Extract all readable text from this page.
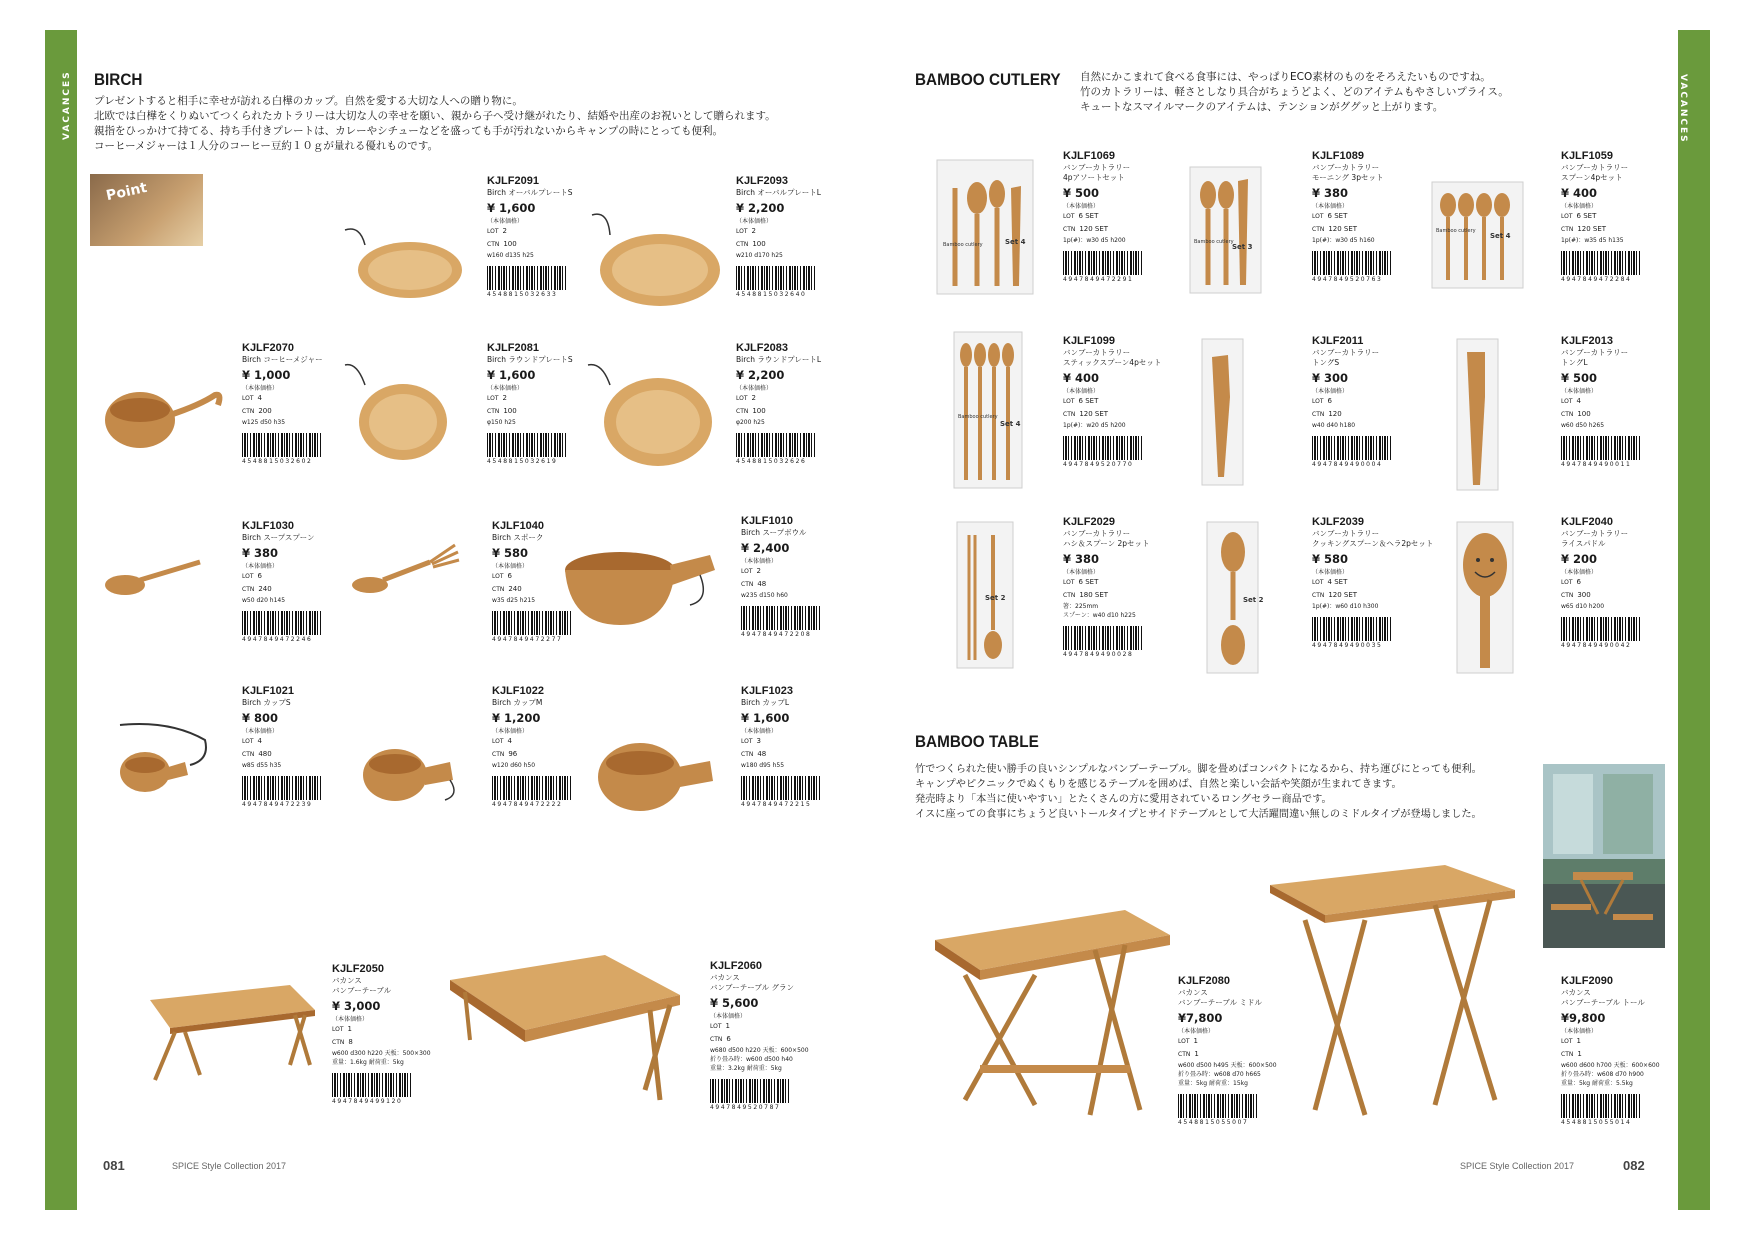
VACANCES	VACANCES
BIRCH
プレゼントすると相手に幸せが訪れる白樺のカップ。自然を愛する大切な人への贈り物に。
北欧では白樺をくりぬいてつくられたカトラリーは大切な人の幸せを願い、親から子へ受け継がれたり、結婚や出産のお祝いとして贈られます。
親指をひっかけて持てる、持ち手付きプレートは、カレーやシチューなどを盛っても手が汚れないからキャンプの時にとっても便利。
コーヒーメジャーは１人分のコーヒー豆約１０ｇが量れる優れものです。
Point
BAMBOO CUTLERY 自然にかこまれて食べる食事には、やっぱりECO素材のものをそろえたいものですね。
竹のカトラリーは、軽さとしなり具合がちょうどよく、どのアイテムもやさしいプライス。
キュートなスマイルマークのアイテムは、テンションがググッと上がります。
BAMBOO TABLE
竹でつくられた使い勝手の良いシンプルなバンブーテーブル。脚を畳めばコンパクトになるから、持ち運びにとっても便利。
キャンプやピクニックでぬくもりを感じるテーブルを囲めば、自然と楽しい会話や笑顔が生まれてきます。
発売時より「本当に使いやすい」とたくさんの方に愛用されているロングセラー商品です。
イスに座っての食事にちょうど良いトールタイプとサイドテーブルとして大活躍間違い無しのミドルタイプが登場しました。
KJLF2091
Birch オーバルプレートS
¥ 1,600
（本体価格）
LOT 2
CTN 100
w160 d135 h25
4548815032633
KJLF2093
Birch オーバルプレートL
¥ 2,200
（本体価格）
LOT 2
CTN 100
w210 d170 h25
4548815032640
KJLF2070
Birch コーヒーメジャー
¥ 1,000
（本体価格）
LOT 4
CTN 200
w125 d50 h35
4548815032602
KJLF2081
Birch ラウンドプレートS
¥ 1,600
（本体価格）
LOT 2
CTN 100
φ150 h25
4548815032619
KJLF2083
Birch ラウンドプレートL
¥ 2,200
（本体価格）
LOT 2
CTN 100
φ200 h25
4548815032626
KJLF1030
Birch スープスプーン
¥ 380
（本体価格）
LOT 6
CTN 240
w50 d20 h145
4947849472246
KJLF1040
Birch スポーク
¥ 580
（本体価格）
LOT 6
CTN 240
w35 d25 h215
4947849472277
KJLF1010
Birch スープボウル
¥ 2,400
（本体価格）
LOT 2
CTN 48
w235 d150 h60
4947849472208
KJLF1021
Birch カップS
¥ 800
（本体価格）
LOT 4
CTN 480
w85 d55 h35
4947849472239
KJLF1022
Birch カップM
¥ 1,200
（本体価格）
LOT 4
CTN 96
w120 d60 h50
4947849472222
KJLF1023
Birch カップL
¥ 1,600
（本体価格）
LOT 3
CTN 48
w180 d95 h55
4947849472215
KJLF2050
バカンス
バンブーテーブル
¥ 3,000
（本体価格）
LOT 1
CTN 8
w600 d300 h220 天板：500×300
重量：1.6kg 耐荷重：5kg
4947849499120
KJLF2060
バカンス
バンブーテーブル グラン
¥ 5,600
（本体価格）
LOT 1
CTN 6
w680 d500 h220 天板：600×500
折り畳み時：w600 d500 h40
重量：3.2kg 耐荷重：5kg
4947849520787
KJLF1069
バンブーカトラリー
4pアソートセット
¥ 500
（本体価格）
LOT 6 SET
CTN 120 SET
1p(#)：w30 d5 h200
4947849472291
KJLF1089
バンブーカトラリー
モーニング 3pセット
¥ 380
（本体価格）
LOT 6 SET
CTN 120 SET
1p(#)：w30 d5 h160
4947849520763
KJLF1059
バンブーカトラリー
スプーン4pセット
¥ 400
（本体価格）
LOT 6 SET
CTN 120 SET
1p(#)：w35 d5 h135
4947849472284
KJLF1099
バンブーカトラリー
スティックスプーン4pセット
¥ 400
（本体価格）
LOT 6 SET
CTN 120 SET
1p(#)：w20 d5 h200
4947849520770
KJLF2011
バンブーカトラリー
トングS
¥ 300
（本体価格）
LOT 6
CTN 120
w40 d40 h180
4947849490004
KJLF2013
バンブーカトラリー
トングL
¥ 500
（本体価格）
LOT 4
CTN 100
w60 d50 h265
4947849490011
KJLF2029
バンブーカトラリー
ハシ＆スプーン 2pセット
¥ 380
（本体価格）
LOT 6 SET
CTN 180 SET
箸：225mm
スプーン：w40 d10 h225
4947849490028
KJLF2039
バンブーカトラリー
クッキングスプーン＆ヘラ2pセット
¥ 580
（本体価格）
LOT 4 SET
CTN 120 SET
1p(#)：w60 d10 h300
4947849490035
KJLF2040
バンブーカトラリー
ライスパドル
¥ 200
（本体価格）
LOT 6
CTN 300
w65 d10 h200
4947849490042
KJLF2080
バカンス
バンブーテーブル ミドル
¥7,800
（本体価格）
LOT 1
CTN 1
w600 d500 h495 天板：600×500
折り畳み時：w608 d70 h665
重量：5kg 耐荷重：15kg
4548815055007
KJLF2090
バカンス
バンブーテーブル トール
¥9,800
（本体価格）
LOT 1
CTN 1
w600 d600 h700 天板：600×600
折り畳み時：w608 d70 h900
重量：5kg 耐荷重：5.5kg
4548815055014
Bamboo cutlery	Set 4	Bamboo cutlery
Set 3
Bamboo cutlery
Set 4
Bamboo cutlery
Set 4
Set 2	Set 2
081	SPICE Style Collection 2017	SPICE Style Collection 2017	082
